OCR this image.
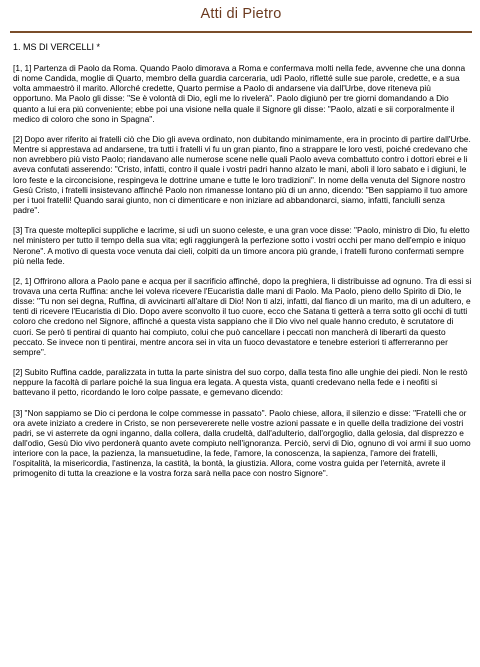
Atti di Pietro
1. MS DI VERCELLI *

[1, 1] Partenza di Paolo da Roma. Quando Paolo dimorava a Roma e confermava molti nella fede, avvenne che una donna di nome Candida, moglie di Quarto, membro della guardia carceraria, udì Paolo, rifletté sulle sue parole, credette, e a sua volta ammaestrò il marito. Allorché credette, Quarto permise a Paolo di andarsene via dall'Urbe, dove riteneva più opportuno. Ma Paolo gli disse: "Se è volontà di Dio, egli me lo rivelerà". Paolo digiunò per tre giorni domandando a Dio quanto a lui era più conveniente; ebbe poi una visione nella quale il Signore gli disse: "Paolo, alzati e sii corporalmente il medico di coloro che sono in Spagna".

[2] Dopo aver riferito ai fratelli ciò che Dio gli aveva ordinato, non dubitando minimamente, era in procinto di partire dall'Urbe. Mentre si apprestava ad andarsene, tra tutti i fratelli vi fu un gran pianto, fino a strappare le loro vesti, poiché credevano che non avrebbero più visto Paolo; riandavano alle numerose scene nelle quali Paolo aveva combattuto contro i dottori ebrei e li aveva confutati asserendo: "Cristo, infatti, contro il quale i vostri padri hanno alzato le mani, abolì il loro sabato e i digiuni, le loro feste e la circoncisione, respingeva le dottrine umane e tutte le loro tradizioni". In nome della venuta del Signore nostro Gesù Cristo, i fratelli insistevano affinché Paolo non rimanesse lontano più di un anno, dicendo: "Ben sappiamo il tuo amore per i tuoi fratelli! Quando sarai giunto, non ci dimenticare e non iniziare ad abbandonarci, siamo, infatti, fanciulli senza padre".

[3] Tra queste molteplici suppliche e lacrime, si udì un suono celeste, e una gran voce disse: "Paolo, ministro di Dio, fu eletto nel ministero per tutto il tempo della sua vita; egli raggiungerà la perfezione sotto i vostri occhi per mano dell'empio e iniquo Nerone". A motivo di questa voce venuta dai cieli, colpiti da un timore ancora più grande, i fratelli furono confermati sempre più nella fede.

[2, 1] Offrirono allora a Paolo pane e acqua per il sacrificio affinché, dopo la preghiera, li distribuisse ad ognuno. Tra di essi si trovava una certa Ruffina: anche lei voleva ricevere l'Eucaristia dalle mani di Paolo. Ma Paolo, pieno dello Spirito di Dio, le disse: "Tu non sei degna, Ruffina, di avvicinarti all'altare di Dio! Non ti alzi, infatti, dal fianco di un marito, ma di un adultero, e tenti di ricevere l'Eucaristia di Dio. Dopo avere sconvolto il tuo cuore, ecco che Satana ti getterà a terra sotto gli occhi di tutti coloro che credono nel Signore, affinché a questa vista sappiano che il Dio vivo nel quale hanno creduto, è scrutatore di cuori. Se però ti pentirai di quanto hai compiuto, colui che può cancellare i peccati non mancherà di liberarti da questo peccato. Se invece non ti pentirai, mentre ancora sei in vita un fuoco devastatore e tenebre esteriori ti afferreranno per sempre".

[2] Subito Ruffina cadde, paralizzata in tutta la parte sinistra del suo corpo, dalla testa fino alle unghie dei piedi. Non le restò neppure la facoltà di parlare poiché la sua lingua era legata. A questa vista, quanti credevano nella fede e i neofiti si battevano il petto, ricordando le loro colpe passate, e gemevano dicendo:

[3] "Non sappiamo se Dio ci perdona le colpe commesse in passato". Paolo chiese, allora, il silenzio e disse: "Fratelli che or ora avete iniziato a credere in Cristo, se non persevererete nelle vostre azioni passate e in quelle della tradizione dei vostri padri, se vi asterrete da ogni inganno, dalla collera, dalla crudeltà, dall'adulterio, dall'orgoglio, dalla gelosia, dal disprezzo e dall'odio, Gesù Dio vivo perdonerà quanto avete compiuto nell'ignoranza. Perciò, servi di Dio, ognuno di voi armi il suo uomo interiore con la pace, la pazienza, la mansuetudine, la fede, l'amore, la conoscenza, la sapienza, l'amore dei fratelli, l'ospitalità, la misericordia, l'astinenza, la castità, la bontà, la giustizia. Allora, come vostra guida per l'eternità, avrete il primogenito di tutta la creazione e la vostra forza sarà nella pace con nostro Signore".
